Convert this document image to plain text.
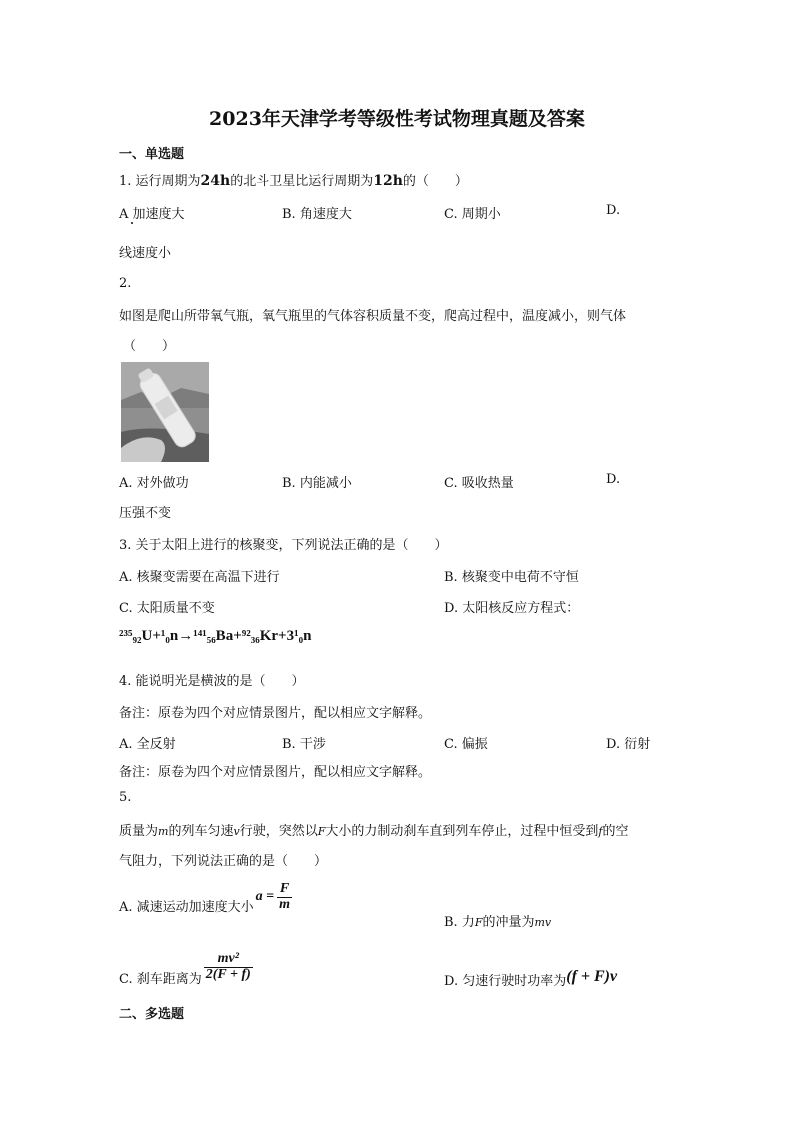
2023年天津学考等级性考试物理真题及答案
一、单选题
1. 运行周期为24h的北斗卫星比运行周期为12h的（　　）
A 加速度大	B. 角速度大	C. 周期小	D.
线速度小
2.
如图是爬山所带氧气瓶，氧气瓶里的气体容积质量不变，爬高过程中，温度减小，则气体
（　　）
A. 对外做功	B. 内能减小	C. 吸收热量	D.
压强不变
3. 关于太阳上进行的核聚变，下列说法正确的是（　　）
A. 核聚变需要在高温下进行	B. 核聚变中电荷不守恒
C. 太阳质量不变	D. 太阳核反应方程式：
²³⁵₉₂U+¹₀n→¹⁴¹₅₆Ba+⁹²₃₆Kr+3¹₀n
4. 能说明光是横波的是（　　）
备注：原卷为四个对应情景图片，配以相应文字解释。
A. 全反射	B. 干涉	C. 偏振	D. 衍射
备注：原卷为四个对应情景图片，配以相应文字解释。
5.
质量为m的列车匀速v行驶，突然以F大小的力制动刹车直到列车停止，过程中恒受到f的空
气阻力，下列说法正确的是（　　）
A. 减速运动加速度大小
$a = \frac{F}{m}$
B. 力F的冲量为mv
C. 刹车距离为 $\frac{\text{mv²}}{2(F + f)}$	D. 匀速行驶时功率为(f + F)v
二、多选题
